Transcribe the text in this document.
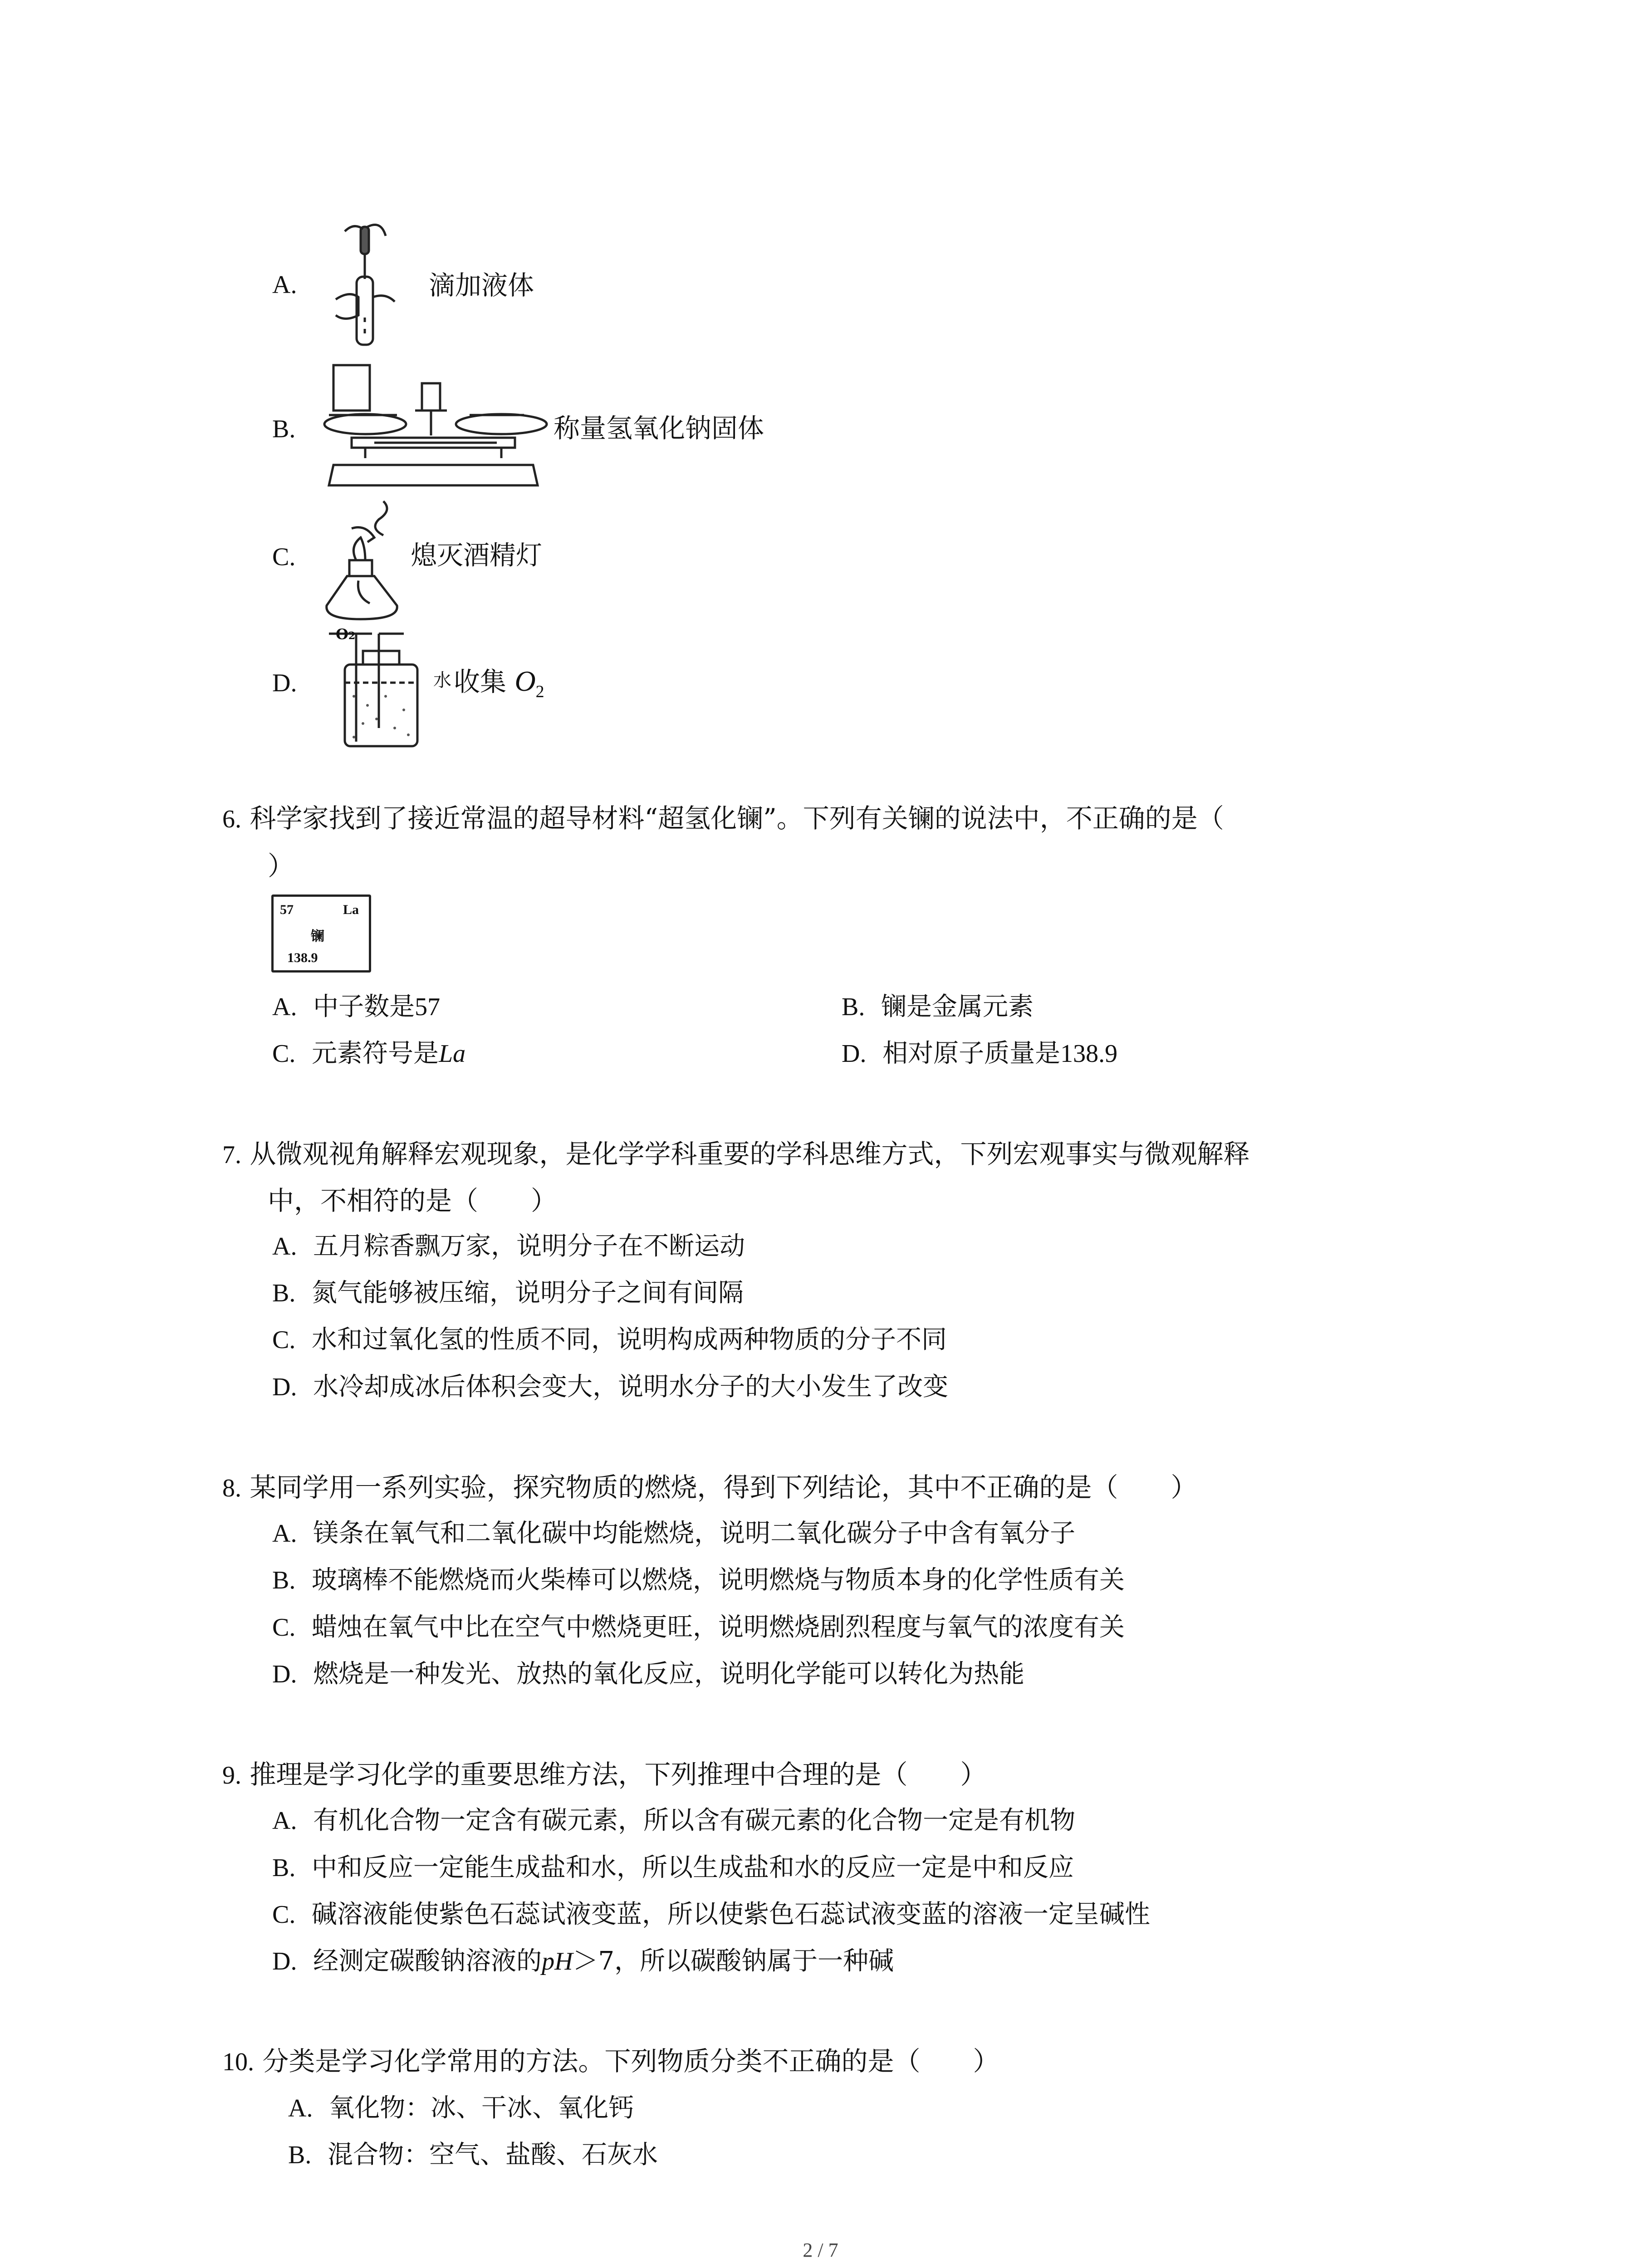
A.	滴加液体
B.	称量氢氧化钠固体
C.	熄灭酒精灯
D.
O2
水 收集 $O_2$
6. 科学家找到了接近常温的超导材料“超氢化镧”。下列有关镧的说法中，不正确的是（
）
57	La
镧
138.9
A. 中子数是57	B. 镧是金属元素
C. 元素符号是La	D. 相对原子质量是138.9
7. 从微观视角解释宏观现象，是化学学科重要的学科思维方式，下列宏观事实与微观解释
中，不相符的是（　　）
A. 五月粽香飘万家，说明分子在不断运动
B. 氮气能够被压缩，说明分子之间有间隔
C. 水和过氧化氢的性质不同，说明构成两种物质的分子不同
D. 水冷却成冰后体积会变大，说明水分子的大小发生了改变
8. 某同学用一系列实验，探究物质的燃烧，得到下列结论，其中不正确的是（　　）
A. 镁条在氧气和二氧化碳中均能燃烧，说明二氧化碳分子中含有氧分子
B. 玻璃棒不能燃烧而火柴棒可以燃烧，说明燃烧与物质本身的化学性质有关
C. 蜡烛在氧气中比在空气中燃烧更旺，说明燃烧剧烈程度与氧气的浓度有关
D. 燃烧是一种发光、放热的氧化反应，说明化学能可以转化为热能
9. 推理是学习化学的重要思维方法，下列推理中合理的是（　　）
A. 有机化合物一定含有碳元素，所以含有碳元素的化合物一定是有机物
B. 中和反应一定能生成盐和水，所以生成盐和水的反应一定是中和反应
C. 碱溶液能使紫色石蕊试液变蓝，所以使紫色石蕊试液变蓝的溶液一定呈碱性
D. 经测定碳酸钠溶液的pH＞7，所以碳酸钠属于一种碱
10. 分类是学习化学常用的方法。下列物质分类不正确的是（　　）
A. 氧化物：冰、干冰、氧化钙
B. 混合物：空气、盐酸、石灰水
2 / 7
